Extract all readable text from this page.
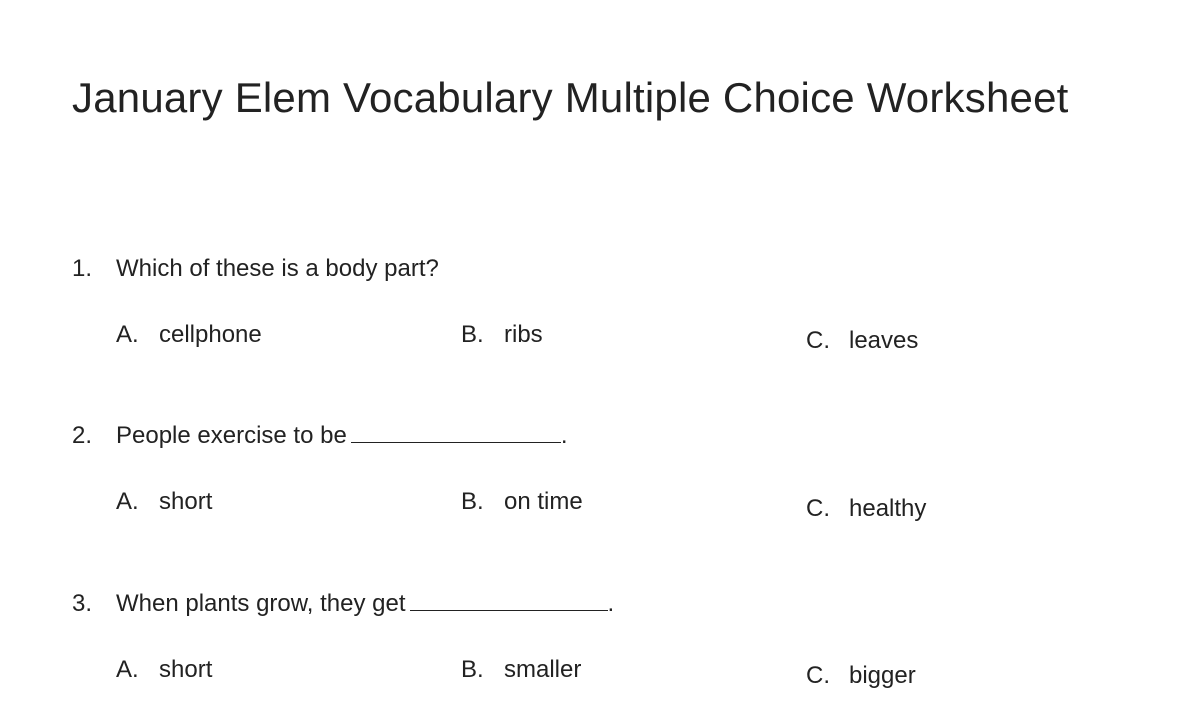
January Elem Vocabulary Multiple Choice Worksheet
1. Which of these is a body part?
A. cellphone	B. ribs	C. leaves
2. People exercise to be	.
A. short	B. on time	C. healthy
3. When plants grow, they get	.
A. short	B. smaller	C. bigger
